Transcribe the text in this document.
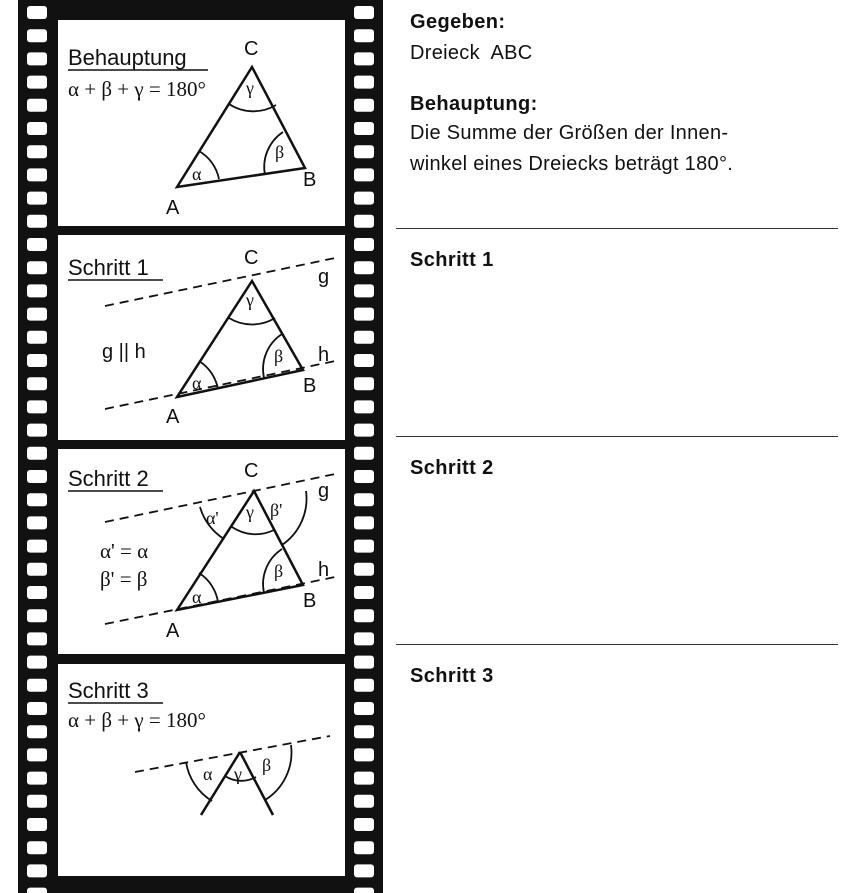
Behauptung
α + β + γ = 180°
α
β
γ
A
B
C
Schritt 1
g || h
α
β
γ
A
B
C
g
h
Schritt 2
α' = α
β' = β
α
β
γ
α'	β'
A
B
C
g
h
Schritt 3
α + β + γ = 180°
α γ β

Gegeben:

Dreieck  ABC

Behauptung:

Die Summe der Größen der Innen-

winkel eines Dreiecks beträgt 180°.

Schritt 1

Schritt 2

Schritt 3
